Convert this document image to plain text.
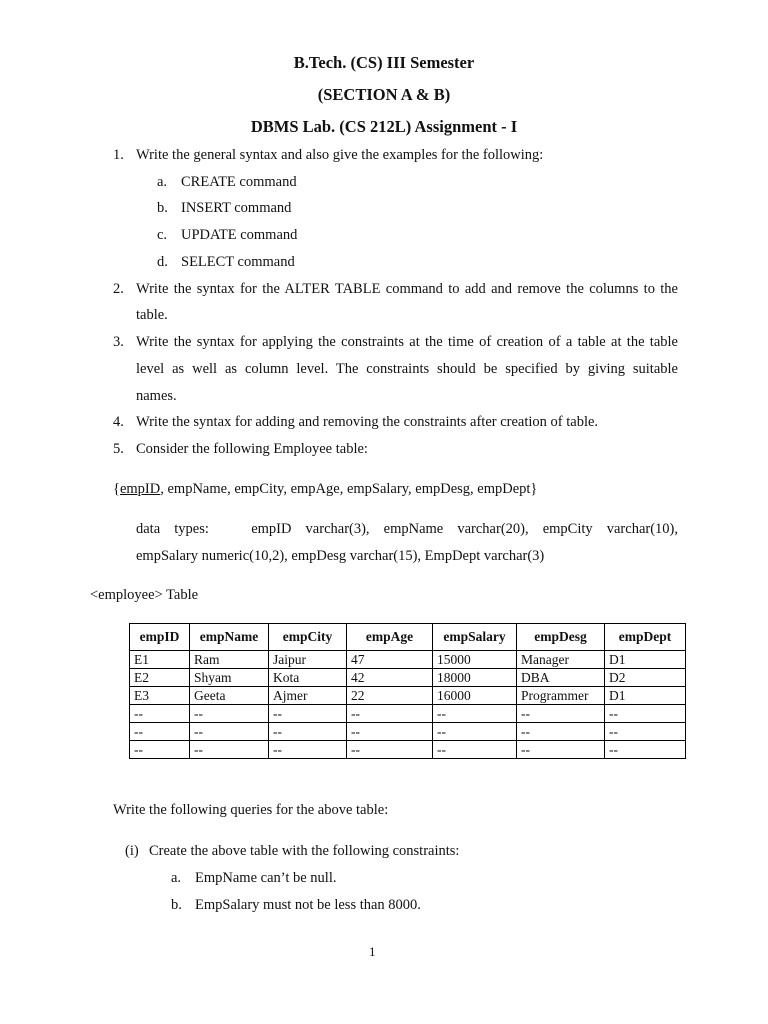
B.Tech. (CS) III Semester
(SECTION A & B)
DBMS Lab. (CS 212L) Assignment - I
1. Write the general syntax and also give the examples for the following:
a. CREATE command
b. INSERT command
c. UPDATE command
d. SELECT command
2. Write the syntax for the ALTER TABLE command to add and remove the columns to the
table.
3. Write the syntax for applying the constraints at the time of creation of a table at the table
level as well as column level. The constraints should be specified by giving suitable
names.
4. Write the syntax for adding and removing the constraints after creation of table.
5. Consider the following Employee table:
{empID, empName, empCity, empAge, empSalary, empDesg, empDept}
data types:   empID varchar(3), empName varchar(20), empCity varchar(10),
empSalary numeric(10,2), empDesg varchar(15), EmpDept varchar(3)
<employee> Table
empID	empName	empCity	empAge	empSalary	empDesg	empDept
E1	Ram	Jaipur	47	15000	Manager	D1
E2	Shyam	Kota	42	18000	DBA	D2
E3	Geeta	Ajmer	22	16000	Programmer	D1
--	--	--	--	--	--	--
--	--	--	--	--	--	--
--	--	--	--	--	--	--
Write the following queries for the above table:
(i) Create the above table with the following constraints:
a. EmpName can’t be null.
b. EmpSalary must not be less than 8000.
1
